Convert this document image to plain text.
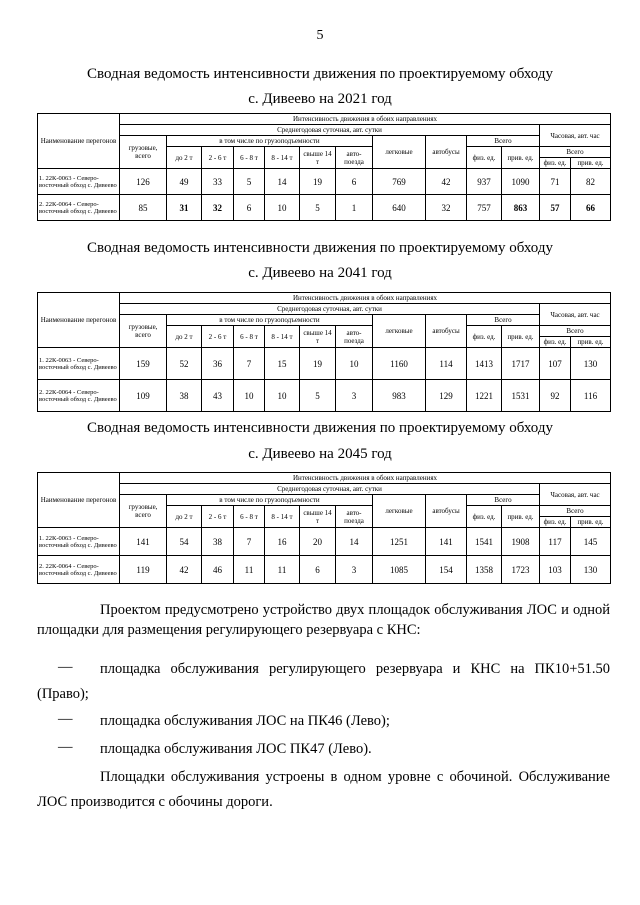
5
Сводная ведомость интенсивности движения по проектируемому обходу
с. Дивеево на 2021 год
Наименование перегонов	Интенсивность движения в обоих направлениях												
	Среднегодовая суточная, авт. сутки											Часовая, авт. час	
	грузовые, всего	в том числе по грузоподъемности						легковые	автобусы	Всего			
		до 2 т	2 - 6 т	6 - 8 т	8 - 14 т	свыше 14 т	авто-поезда			физ. ед.	прив. ед.	Всего	
												физ. ед.	прив. ед.
1. 22К-0063 - Северо-восточный обход с. Дивеево	126	49	33	5	14	19	6	769	42	937	1090	71	82
2. 22К-0064 - Северо-восточный обход с. Дивеево	85	31	32	6	10	5	1	640	32	757	863	57	66
Сводная ведомость интенсивности движения по проектируемому обходу
с. Дивеево на 2041 год
Наименование перегонов	Интенсивность движения в обоих направлениях												
	Среднегодовая суточная, авт. сутки											Часовая, авт. час	
	грузовые, всего	в том числе по грузоподъемности						легковые	автобусы	Всего			
		до 2 т	2 - 6 т	6 - 8 т	8 - 14 т	свыше 14 т	авто-поезда			физ. ед.	прив. ед.	Всего	
												физ. ед.	прив. ед.
1. 22К-0063 - Северо-восточный обход с. Дивеево	159	52	36	7	15	19	10	1160	114	1413	1717	107	130
2. 22К-0064 - Северо-восточный обход с. Дивеево	109	38	43	10	10	5	3	983	129	1221	1531	92	116
Сводная ведомость интенсивности движения по проектируемому обходу
с. Дивеево на 2045 год
Наименование перегонов	Интенсивность движения в обоих направлениях												
	Среднегодовая суточная, авт. сутки											Часовая, авт. час	
	грузовые, всего	в том числе по грузоподъемности						легковые	автобусы	Всего			
		до 2 т	2 - 6 т	6 - 8 т	8 - 14 т	свыше 14 т	авто-поезда			физ. ед.	прив. ед.	Всего	
												физ. ед.	прив. ед.
1. 22К-0063 - Северо-восточный обход с. Дивеево	141	54	38	7	16	20	14	1251	141	1541	1908	117	145
2. 22К-0064 - Северо-восточный обход с. Дивеево	119	42	46	11	11	6	3	1085	154	1358	1723	103	130
Проектом предусмотрено устройство двух площадок обслуживания ЛОС и одной площадки для размещения регулирующего резервуара с КНС:
— площадка обслуживания регулирующего резервуара и КНС на ПК10+51.50
(Право);
— площадка обслуживания ЛОС на ПК46 (Лево);
— площадка обслуживания ЛОС ПК47 (Лево).
Площадки обслуживания устроены в одном уровне с обочиной. Обслуживание
ЛОС производится с обочины дороги.
